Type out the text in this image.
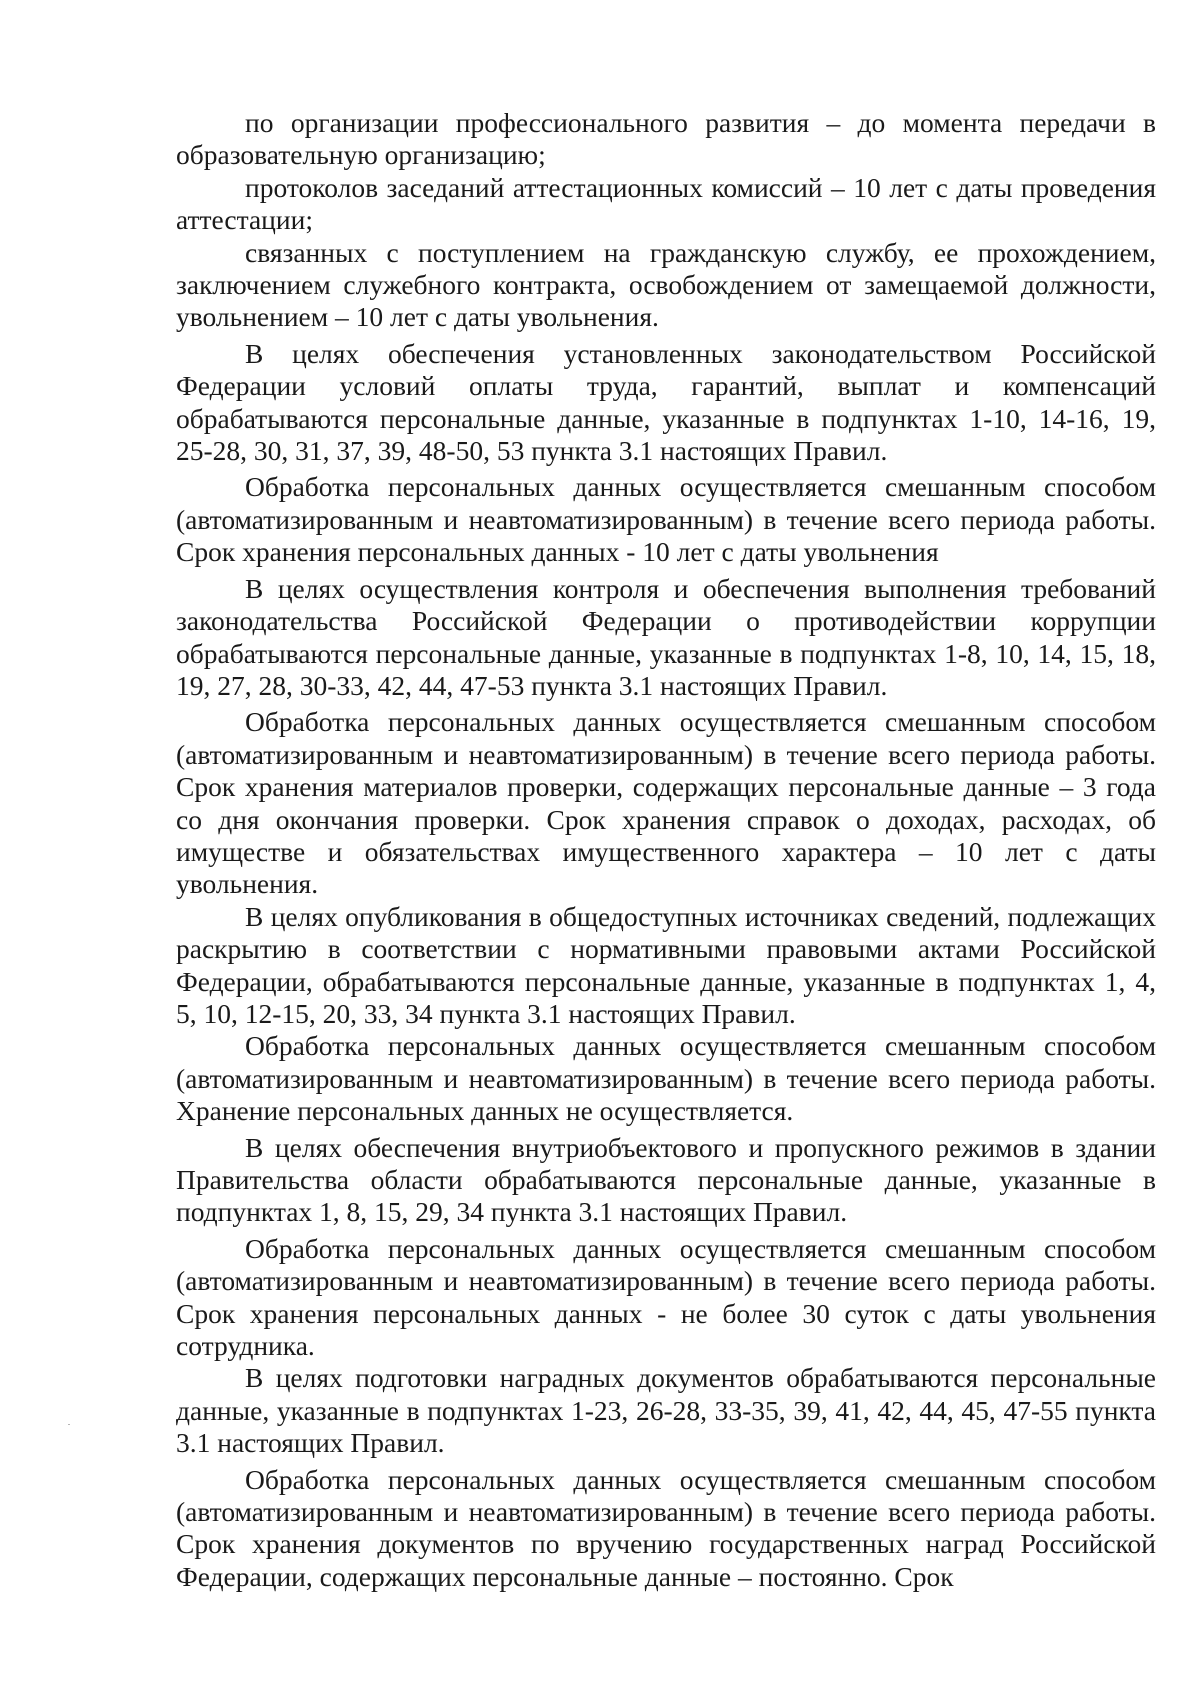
по организации профессионального развития – до момента передачи в образовательную организацию;

протоколов заседаний аттестационных комиссий – 10 лет с даты проведения аттестации;

связанных с поступлением на гражданскую службу, ее прохождением, заключением служебного контракта, освобождением от замещаемой должности, увольнением – 10 лет с даты увольнения.

В целях обеспечения установленных законодательством Российской Федерации условий оплаты труда, гарантий, выплат и компенсаций обрабатываются персональные данные, указанные в подпунктах 1-10, 14-16, 19, 25-28, 30, 31, 37, 39, 48-50, 53 пункта 3.1 настоящих Правил.

Обработка персональных данных осуществляется смешанным способом (автоматизированным и неавтоматизированным) в течение всего периода работы. Срок хранения персональных данных - 10 лет с даты увольнения

В целях осуществления контроля и обеспечения выполнения требований законодательства Российской Федерации о противодействии коррупции обрабатываются персональные данные, указанные в подпунктах 1-8, 10, 14, 15, 18, 19, 27, 28, 30-33, 42, 44, 47-53 пункта 3.1 настоящих Правил.

Обработка персональных данных осуществляется смешанным способом (автоматизированным и неавтоматизированным) в течение всего периода работы. Срок хранения материалов проверки, содержащих персональные данные – 3 года со дня окончания проверки. Срок хранения справок о доходах, расходах, об имуществе и обязательствах имущественного характера – 10 лет с даты увольнения.

В целях опубликования в общедоступных источниках сведений, подлежащих раскрытию в соответствии с нормативными правовыми актами Российской Федерации, обрабатываются персональные данные, указанные в подпунктах 1, 4, 5, 10, 12-15, 20, 33, 34 пункта 3.1 настоящих Правил.

Обработка персональных данных осуществляется смешанным способом (автоматизированным и неавтоматизированным) в течение всего периода работы. Хранение персональных данных не осуществляется.

В целях обеспечения внутриобъектового и пропускного режимов в здании Правительства области обрабатываются персональные данные, указанные в подпунктах 1, 8, 15, 29, 34 пункта 3.1 настоящих Правил.

Обработка персональных данных осуществляется смешанным способом (автоматизированным и неавтоматизированным) в течение всего периода работы. Срок хранения персональных данных - не более 30 суток с даты увольнения сотрудника.

В целях подготовки наградных документов обрабатываются персональные данные, указанные в подпунктах 1-23, 26-28, 33-35, 39, 41, 42, 44, 45, 47-55 пункта 3.1 настоящих Правил.

Обработка персональных данных осуществляется смешанным способом (автоматизированным и неавтоматизированным) в течение всего периода работы. Срок хранения документов по вручению государственных наград Российской Федерации, содержащих персональные данные – постоянно. Срок
